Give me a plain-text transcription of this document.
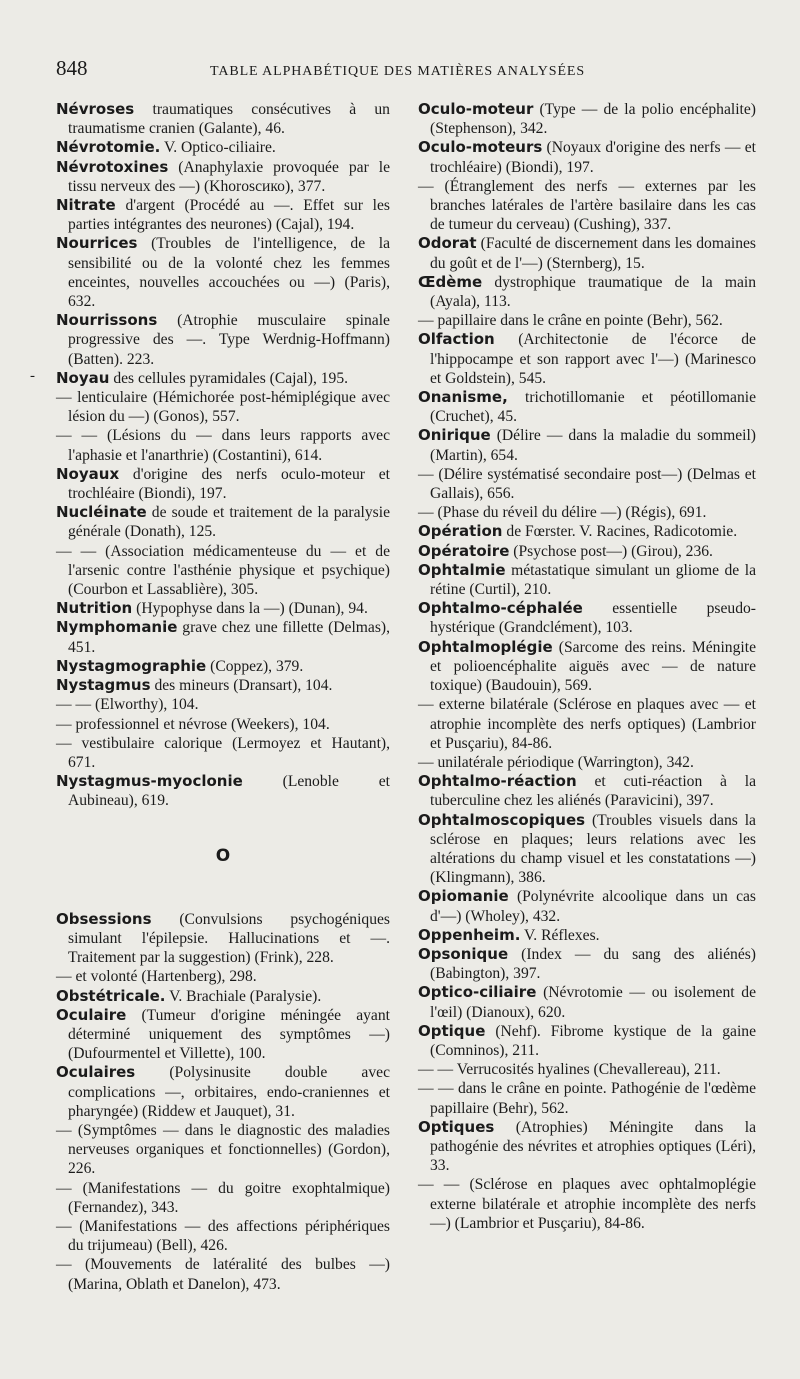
848	TABLE ALPHABÉTIQUE DES MATIÈRES ANALYSÉES
-

Névroses traumatiques consécutives à un traumatisme cranien (Galante), 46.

Névrotomie. V. Optico-ciliaire.

Névrotoxines (Anaphylaxie provoquée par le tissu nerveux des —) (Khorosсико), 377.

Nitrate d'argent (Procédé au —. Effet sur les parties intégrantes des neurones) (Cajal), 194.

Nourrices (Troubles de l'intelligence, de la sensibilité ou de la volonté chez les femmes enceintes, nouvelles accouchées ou —) (Paris), 632.

Nourrissons (Atrophie musculaire spinale progressive des —. Type Werdnig-Hoffmann) (Batten). 223.

Noyau des cellules pyramidales (Cajal), 195.

— lenticulaire (Hémichorée post-hémiplégique avec lésion du —) (Gonos), 557.

— — (Lésions du — dans leurs rapports avec l'aphasie et l'anarthrie) (Costantini), 614.

Noyaux d'origine des nerfs oculo-moteur et trochléaire (Biondi), 197.

Nucléinate de soude et traitement de la paralysie générale (Donath), 125.

— — (Association médicamenteuse du — et de l'arsenic contre l'asthénie physique et psychique) (Courbon et Lassablière), 305.

Nutrition (Hypophyse dans la —) (Dunan), 94.

Nymphomanie grave chez une fillette (Delmas), 451.

Nystagmographie (Coppez), 379.

Nystagmus des mineurs (Dransart), 104.

— — (Elworthy), 104.

— professionnel et névrose (Weekers), 104.

— vestibulaire calorique (Lermoyez et Hautant), 671.

Nystagmus-myoclonie	(Lenoble et Aubineau), 619.

O

Obsessions (Convulsions psychogéniques simulant l'épilepsie. Hallucinations et —. Traitement par la suggestion) (Frink), 228.

— et volonté (Hartenberg), 298.

Obstétricale. V. Brachiale (Paralysie).

Oculaire (Tumeur d'origine méningée ayant déterminé uniquement des symptômes —) (Dufourmentel et Villette), 100.

Oculaires (Polysinusite double avec complications —, orbitaires, endo-craniennes et pharyngée) (Riddew et Jauquet), 31.

— (Symptômes — dans le diagnostic des maladies nerveuses organiques et fonctionnelles) (Gordon), 226.

— (Manifestations — du goitre exophtalmique) (Fernandez), 343.

— (Manifestations — des affections périphériques du trijumeau) (Bell), 426.

— (Mouvements de latéralité des bulbes —) (Marina, Oblath et Danelon), 473.

Oculo-moteur (Type — de la polio encéphalite) (Stephenson), 342.

Oculo-moteurs (Noyaux d'origine des nerfs — et trochléaire) (Biondi), 197.

— (Étranglement des nerfs — externes par les branches latérales de l'artère basilaire dans les cas de tumeur du cerveau) (Cushing), 337.

Odorat (Faculté de discernement dans les domaines du goût et de l'—) (Sternberg), 15.

Œdème dystrophique traumatique de la main (Ayala), 113.

— papillaire dans le crâne en pointe (Behr), 562.

Olfaction (Architectonie de l'écorce de l'hippocampe et son rapport avec l'—) (Marinesco et Goldstein), 545.

Onanisme, trichotillomanie et péotillomanie (Cruchet), 45.

Onirique (Délire — dans la maladie du sommeil) (Martin), 654.

— (Délire systématisé secondaire post—) (Delmas et Gallais), 656.

— (Phase du réveil du délire —) (Régis), 691.

Opération de Fœrster. V. Racines, Radicotomie.

Opératoire (Psychose post—) (Girou), 236.

Ophtalmie métastatique simulant un gliome de la rétine (Curtil), 210.

Ophtalmo-céphalée essentielle pseudo-hystérique (Grandclément), 103.

Ophtalmoplégie (Sarcome des reins. Méningite et polioencéphalite aiguës avec — de nature toxique) (Baudouin), 569.

— externe bilatérale (Sclérose en plaques avec — et atrophie incomplète des nerfs optiques) (Lambrior et Pusçariu), 84-86.

— unilatérale périodique (Warrington), 342.

Ophtalmo-réaction et cuti-réaction à la tuberculine chez les aliénés (Paravicini), 397.

Ophtalmoscopiques (Troubles visuels dans la sclérose en plaques; leurs relations avec les altérations du champ visuel et les constatations —) (Klingmann), 386.

Opiomanie (Polynévrite alcoolique dans un cas d'—) (Wholey), 432.

Oppenheim. V. Réflexes.

Opsonique (Index — du sang des aliénés) (Babington), 397.

Optico-ciliaire (Névrotomie — ou isolement de l'œil) (Dianoux), 620.

Optique (Nehf). Fibrome kystique de la gaine (Comninos), 211.

— — Verrucosités hyalines (Chevallereau), 211.

— — dans le crâne en pointe. Pathogénie de l'œdème papillaire (Behr), 562.

Optiques (Atrophies) Méningite dans la pathogénie des névrites et atrophies optiques (Léri), 33.

— — (Sclérose en plaques avec ophtalmoplégie externe bilatérale et atrophie incomplète des nerfs —) (Lambrior et Pusçariu), 84-86.
